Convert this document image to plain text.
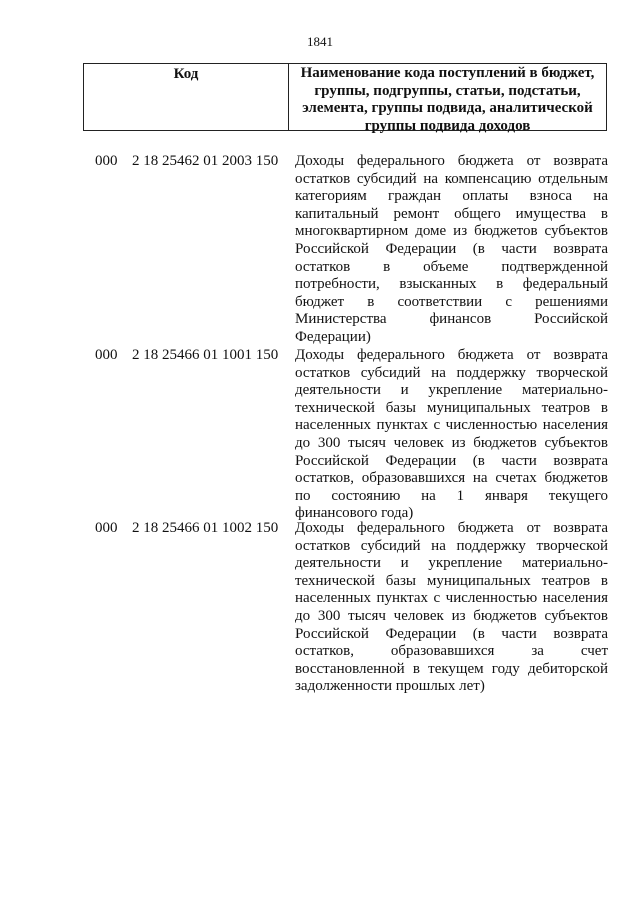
1841
Код	Наименование кода поступлений в бюджет, группы, подгруппы, статьи, подстатьи, элемента, группы подвида, аналитической группы подвида доходов
000 2 18 25462 01 2003 150	Доходы федерального бюджета от возврата
остатков субсидий на компенсацию отдельным
категориям граждан оплаты взноса на
капитальный ремонт общего имущества в
многоквартирном доме из бюджетов субъектов
Российской Федерации (в части возврата
остатков в объеме подтвержденной
потребности, взысканных в федеральный
бюджет в соответствии с решениями
Министерства финансов Российской
Федерации)
000 2 18 25466 01 1001 150	Доходы федерального бюджета от возврата
остатков субсидий на поддержку творческой
деятельности и укрепление материально-
технической базы муниципальных театров в
населенных пунктах с численностью населения
до 300 тысяч человек из бюджетов субъектов
Российской Федерации (в части возврата
остатков, образовавшихся на счетах бюджетов
по состоянию на 1 января текущего
финансового года)
000 2 18 25466 01 1002 150	Доходы федерального бюджета от возврата
остатков субсидий на поддержку творческой
деятельности и укрепление материально-
технической базы муниципальных театров в
населенных пунктах с численностью населения
до 300 тысяч человек из бюджетов субъектов
Российской Федерации (в части возврата
остатков, образовавшихся за счет
восстановленной в текущем году дебиторской
задолженности прошлых лет)
